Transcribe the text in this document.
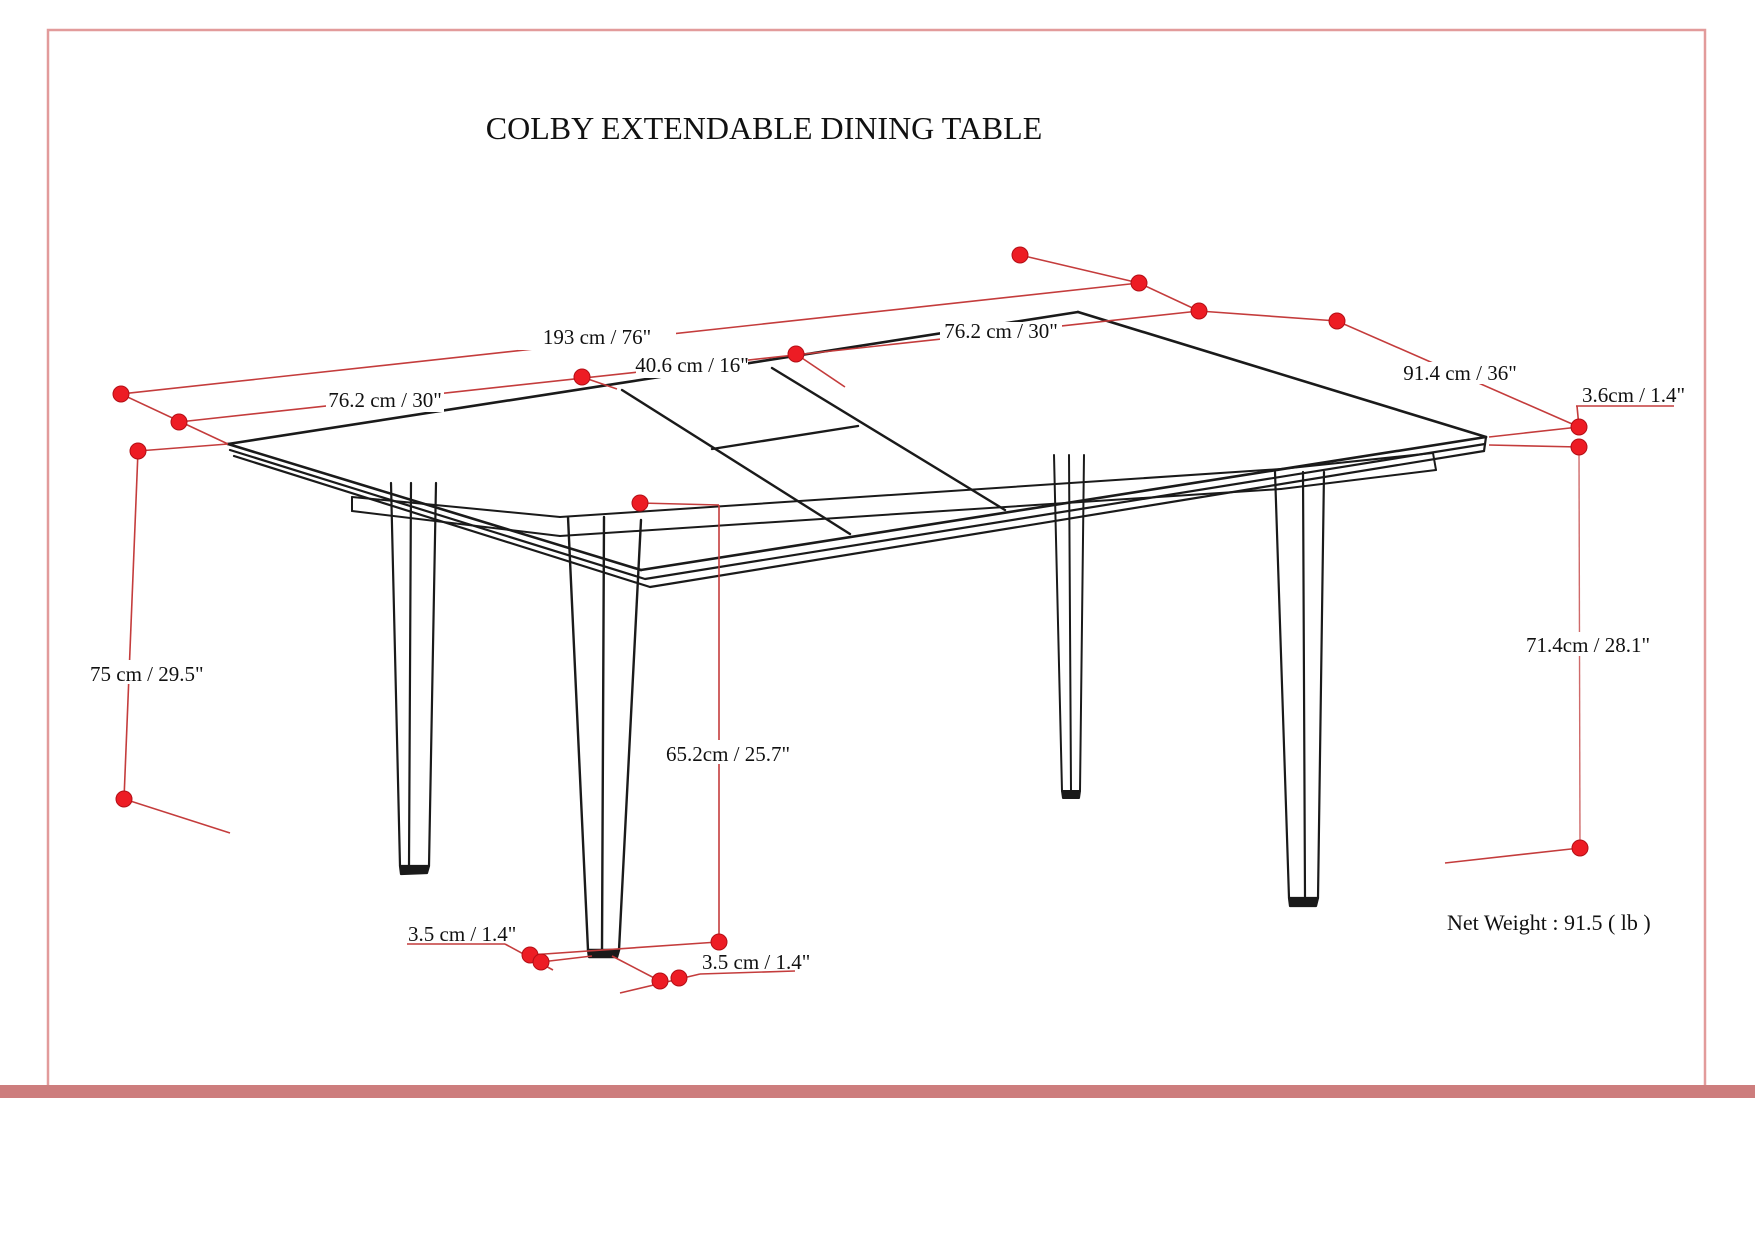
COLBY EXTENDABLE DINING TABLE
193 cm / 76"
76.2 cm / 30"
40.6 cm / 16"
76.2 cm / 30"
91.4 cm / 36"
3.6cm / 1.4"
75 cm / 29.5"
71.4cm / 28.1"
65.2cm / 25.7"
3.5 cm / 1.4"
3.5 cm / 1.4"
Net Weight : 91.5 ( lb )
